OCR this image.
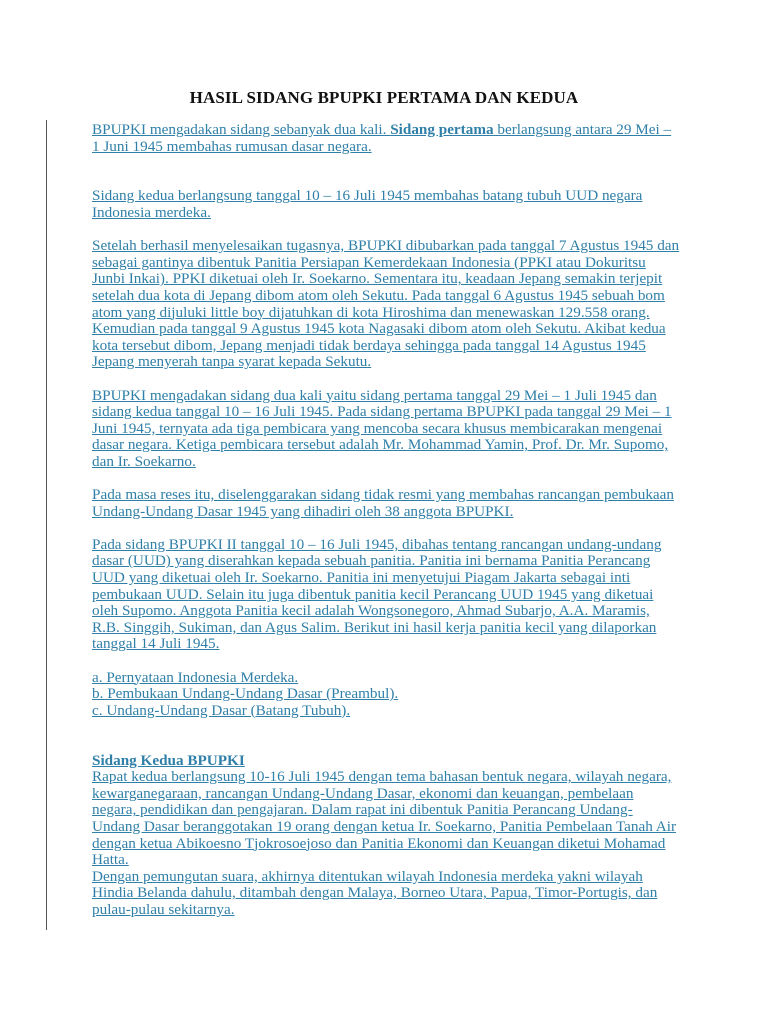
HASIL SIDANG BPUPKI PERTAMA DAN KEDUA

BPUPKI mengadakan sidang sebanyak dua kali. Sidang pertama berlangsung antara 29 Mei – 1 Juni 1945 membahas rumusan dasar negara.

Sidang kedua berlangsung tanggal 10 – 16 Juli 1945 membahas batang tubuh UUD negara Indonesia merdeka.

Setelah berhasil menyelesaikan tugasnya, BPUPKI dibubarkan pada tanggal 7 Agustus 1945 dan sebagai gantinya dibentuk Panitia Persiapan Kemerdekaan Indonesia (PPKI atau Dokuritsu Junbi Inkai). PPKI diketuai oleh Ir. Soekarno. Sementara itu, keadaan Jepang semakin terjepit setelah dua kota di Jepang dibom atom oleh Sekutu. Pada tanggal 6 Agustus 1945 sebuah bom atom yang dijuluki little boy dijatuhkan di kota Hiroshima dan menewaskan 129.558 orang. Kemudian pada tanggal 9 Agustus 1945 kota Nagasaki dibom atom oleh Sekutu. Akibat kedua kota tersebut dibom, Jepang menjadi tidak berdaya sehingga pada tanggal 14 Agustus 1945 Jepang menyerah tanpa syarat kepada Sekutu.

BPUPKI mengadakan sidang dua kali yaitu sidang pertama tanggal 29 Mei – 1 Juli 1945 dan sidang kedua tanggal 10 – 16 Juli 1945. Pada sidang pertama BPUPKI pada tanggal 29 Mei – 1 Juni 1945, ternyata ada tiga pembicara yang mencoba secara khusus membicarakan mengenai dasar negara. Ketiga pembicara tersebut adalah Mr. Mohammad Yamin, Prof. Dr. Mr. Supomo, dan Ir. Soekarno.

Pada masa reses itu, diselenggarakan sidang tidak resmi yang membahas rancangan pembukaan Undang-Undang Dasar 1945 yang dihadiri oleh 38 anggota BPUPKI.

Pada sidang BPUPKI II tanggal 10 – 16 Juli 1945, dibahas tentang rancangan undang-undang dasar (UUD) yang diserahkan kepada sebuah panitia. Panitia ini bernama Panitia Perancang UUD yang diketuai oleh Ir. Soekarno. Panitia ini menyetujui Piagam Jakarta sebagai inti pembukaan UUD. Selain itu juga dibentuk panitia kecil Perancang UUD 1945 yang diketuai oleh Supomo. Anggota Panitia kecil adalah Wongsonegoro, Ahmad Subarjo, A.A. Maramis, R.B. Singgih, Sukiman, dan Agus Salim. Berikut ini hasil kerja panitia kecil yang dilaporkan tanggal 14 Juli 1945.

a. Pernyataan Indonesia Merdeka.
b. Pembukaan Undang-Undang Dasar (Preambul).
c. Undang-Undang Dasar (Batang Tubuh).

Sidang Kedua BPUPKI
Rapat kedua berlangsung 10-16 Juli 1945 dengan tema bahasan bentuk negara, wilayah negara, kewarganegaraan, rancangan Undang-Undang Dasar, ekonomi dan keuangan, pembelaan negara, pendidikan dan pengajaran. Dalam rapat ini dibentuk Panitia Perancang Undang-Undang Dasar beranggotakan 19 orang dengan ketua Ir. Soekarno, Panitia Pembelaan Tanah Air dengan ketua Abikoesno Tjokrosoejoso dan Panitia Ekonomi dan Keuangan diketui Mohamad Hatta.
Dengan pemungutan suara, akhirnya ditentukan wilayah Indonesia merdeka yakni wilayah Hindia Belanda dahulu, ditambah dengan Malaya, Borneo Utara, Papua, Timor-Portugis, dan pulau-pulau sekitarnya.
